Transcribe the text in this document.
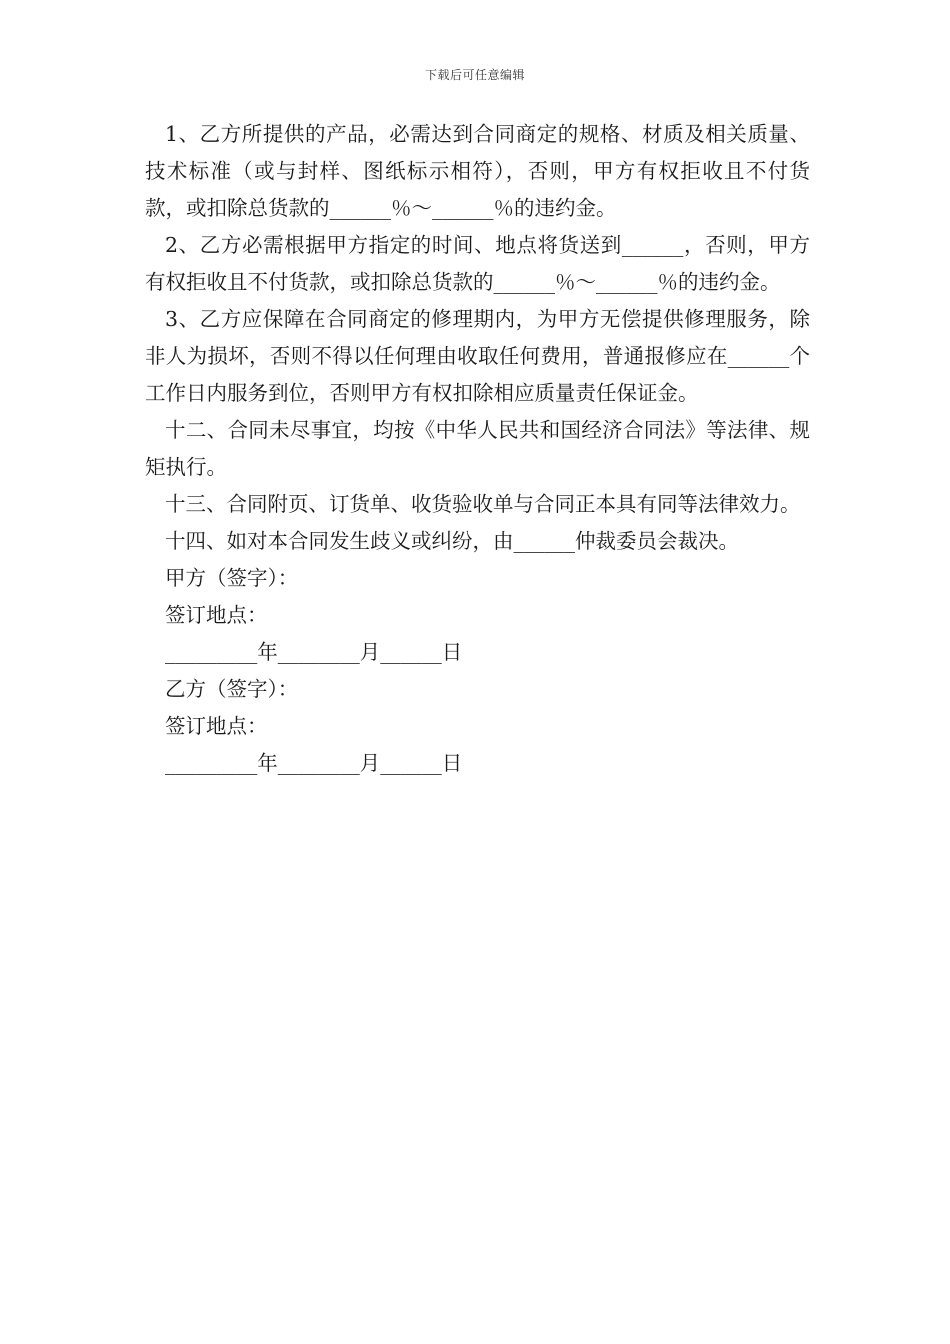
下载后可任意编辑

1、乙方所提供的产品，必需达到合同商定的规格、材质及相关质量、技术标准（或与封样、图纸标示相符），否则，甲方有权拒收且不付货款，或扣除总货款的______％～______％的违约金。

2、乙方必需根据甲方指定的时间、地点将货送到______，否则，甲方有权拒收且不付货款，或扣除总货款的______％～______％的违约金。

3、乙方应保障在合同商定的修理期内，为甲方无偿提供修理服务，除非人为损坏，否则不得以任何理由收取任何费用，普通报修应在______个工作日内服务到位，否则甲方有权扣除相应质量责任保证金。

十二、合同未尽事宜，均按《中华人民共和国经济合同法》等法律、规矩执行。

十三、合同附页、订货单、收货验收单与合同正本具有同等法律效力。

十四、如对本合同发生歧义或纠纷，由______仲裁委员会裁决。

甲方（签字）：

签订地点：

_________年________月______日

乙方（签字）：

签订地点：

_________年________月______日
